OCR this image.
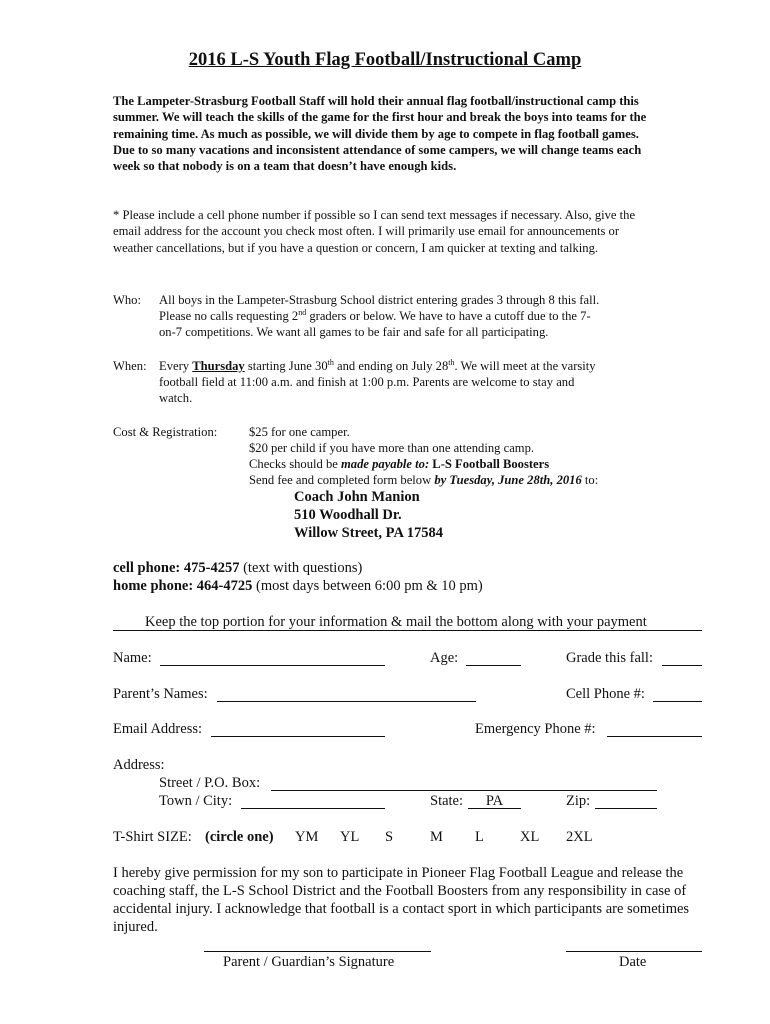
2016 L-S Youth Flag Football/Instructional Camp
The Lampeter-Strasburg Football Staff will hold their annual flag football/instructional camp this summer. We will teach the skills of the game for the first hour and break the boys into teams for the remaining time. As much as possible, we will divide them by age to compete in flag football games. Due to so many vacations and inconsistent attendance of some campers, we will change teams each week so that nobody is on a team that doesn’t have enough kids.
* Please include a cell phone number if possible so I can send text messages if necessary. Also, give the email address for the account you check most often. I will primarily use email for announcements or weather cancellations, but if you have a question or concern, I am quicker at texting and talking.
Who: All boys in the Lampeter-Strasburg School district entering grades 3 through 8 this fall.
Please no calls requesting 2nd graders or below. We have to have a cutoff due to the 7-
on-7 competitions. We want all games to be fair and safe for all participating.
When: Every Thursday starting June 30th and ending on July 28th. We will meet at the varsity
football field at 11:00 a.m. and finish at 1:00 p.m. Parents are welcome to stay and
watch.
Cost & Registration:	$25 for one camper.
$20 per child if you have more than one attending camp.
Checks should be made payable to: L-S Football Boosters
Send fee and completed form below by Tuesday, June 28th, 2016 to:
Coach John Manion
510 Woodhall Dr.
Willow Street, PA 17584
cell phone: 475-4257 (text with questions)
home phone: 464-4725 (most days between 6:00 pm & 10 pm)
Keep the top portion for your information & mail the bottom along with your payment
Name:	Age:	Grade this fall:
Parent’s Names:	Cell Phone #:
Email Address:	Emergency Phone #:
Address:
Street / P.O. Box:
Town / City:	State:	PA	Zip:
T-Shirt SIZE: (circle one) YM YL S	M L XL 2XL
I hereby give permission for my son to participate in Pioneer Flag Football League and release the coaching staff, the L-S School District and the Football Boosters from any responsibility in case of accidental injury. I acknowledge that football is a contact sport in which participants are sometimes injured.
Parent / Guardian’s Signature	Date
